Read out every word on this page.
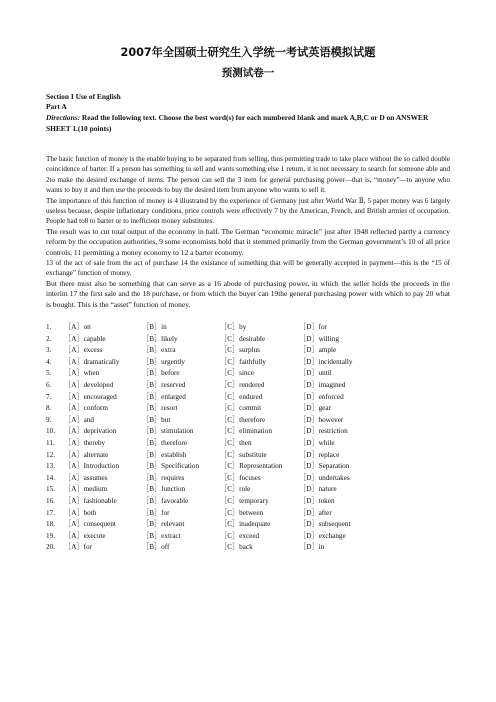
2007年全国硕士研究生入学统一考试英语模拟试题
预测试卷一
Section I Use of English
Part A
Directions: Read the following text. Choose the best word(s) for each numbered blank and mark A,B,C or D on ANSWER SHEET 1.(10 points)

The basic function of money is the enable buying to be separated from selling, thus permitting trade to take place without the so called double coincidence of barter. If a person has something to sell and wants something else 1 return, it is not necessary to search for someone able and 2to make the desired exchange of items. The person can sell the 3 item for general purchasing power—that is, “money”—to anyone who wants to buy it and then use the proceeds to buy the desired item from anyone who wants to sell it.

The importance of this function of money is 4 illustrated by the experience of Germany just after World War Ⅱ, 5 paper money was 6 largely useless because, despite inflationary conditions, price controls were effectively 7 by the American, French, and British armies of occupation. People had to8 to barter or to inefficient money substitutes.

The result was to cut total output of the economy in half. The German “economic miracle” just after 1948 reflected partly a currency reform by the occupation authorities, 9 some economists hold that it stemmed primarily from the German government’s 10 of all price controls, 11 permitting a money economy to 12 a barter economy.

13 of the act of sale from the act of purchase 14 the existance of something that will be generally accepted in payment—this is the “15 of exchange” function of money.

But there must also be something that can serve as a 16 abode of purchasing power, in which the seller holds the proceeds in the interim 17 the first sale and the 18 purchase, or from which the buyer can 19the general purchasing power with which to pay 20 what is bought. This is the “asset” function of money.

1.	［A］on	［B］in	［C］by	［D］for
2.	［A］capable	［B］likely	［C］desirable	［D］willing
3.	［A］excess	［B］extra	［C］surplus	［D］ample
4.	［A］dramatically	［B］urgently	［C］faithfully	［D］incidentally
5.	［A］when	［B］before	［C］since	［D］until
6.	［A］developed	［B］reserved	［C］rendered	［D］imagined
7.	［A］encouraged	［B］enlarged	［C］endured	［D］enforced
8.	［A］conform	［B］resort	［C］commit	［D］gear
9.	［A］and	［B］but	［C］therefore	［D］however
10.	［A］deprivation	［B］stimulation	［C］elimination	［D］restriction
11.	［A］thereby	［B］therefore	［C］then	［D］while
12.	［A］alternate	［B］establish	［C］substitute	［D］replace
13.	［A］Introduction	［B］Specification	［C］Representation	［D］Separation
14.	［A］assumes	［B］requires	［C］focuses	［D］undertakes
15.	［A］medium	［B］function	［C］role	［D］nature
16.	［A］fashionable	［B］favorable	［C］temporary	［D］token
17.	［A］both	［B］for	［C］between	［D］after
18.	［A］consequent	［B］relevant	［C］inadequate	［D］subsequent
19.	［A］execute	［B］extract	［C］exceed	［D］exchange
20.	［A］for	［B］off	［C］back	［D］in
